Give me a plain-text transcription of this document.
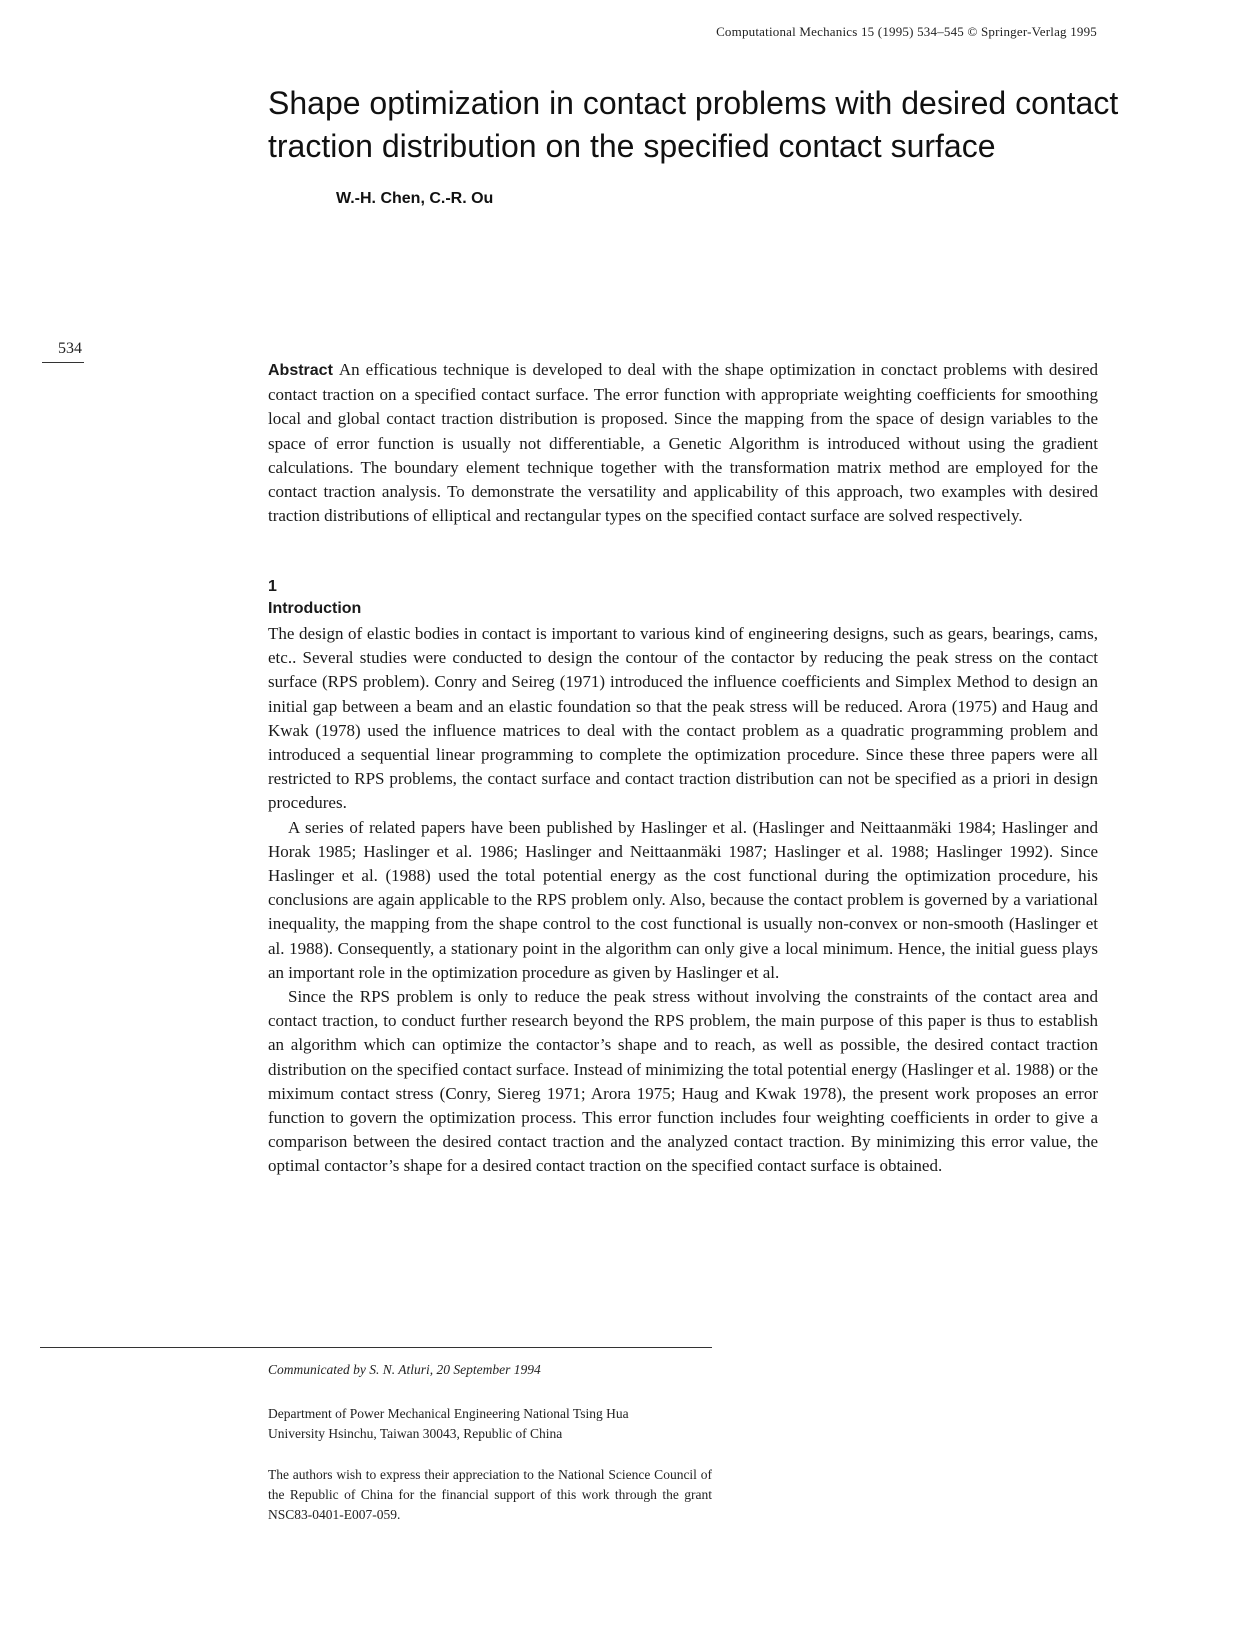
Computational Mechanics 15 (1995) 534–545 © Springer-Verlag 1995
Shape optimization in contact problems with desired contact traction distribution on the specified contact surface
W.-H. Chen, C.-R. Ou
534
Abstract An efficatious technique is developed to deal with the shape optimization in conctact problems with desired contact traction on a specified contact surface. The error function with appropriate weighting coefficients for smoothing local and global contact traction distribution is proposed. Since the mapping from the space of design variables to the space of error function is usually not differentiable, a Genetic Algorithm is introduced without using the gradient calculations. The boundary element technique together with the transformation matrix method are employed for the contact traction analysis. To demonstrate the versatility and applicability of this approach, two examples with desired traction distributions of elliptical and rectangular types on the specified contact surface are solved respectively.
1
Introduction

The design of elastic bodies in contact is important to various kind of engineering designs, such as gears, bearings, cams, etc.. Several studies were conducted to design the contour of the contactor by reducing the peak stress on the contact surface (RPS problem). Conry and Seireg (1971) introduced the influence coefficients and Simplex Method to design an initial gap between a beam and an elastic foundation so that the peak stress will be reduced. Arora (1975) and Haug and Kwak (1978) used the influence matrices to deal with the contact problem as a quadratic programming problem and introduced a sequential linear programming to complete the optimization procedure. Since these three papers were all restricted to RPS problems, the contact surface and contact traction distribution can not be specified as a priori in design procedures.

A series of related papers have been published by Haslinger et al. (Haslinger and Neittaanmäki 1984; Haslinger and Horak 1985; Haslinger et al. 1986; Haslinger and Neittaanmäki 1987; Haslinger et al. 1988; Haslinger 1992). Since Haslinger et al. (1988) used the total potential energy as the cost functional during the optimization procedure, his conclusions are again applicable to the RPS problem only. Also, because the contact problem is governed by a variational inequality, the mapping from the shape control to the cost functional is usually non-convex or non-smooth (Haslinger et al. 1988). Consequently, a stationary point in the algorithm can only give a local minimum. Hence, the initial guess plays an important role in the optimization procedure as given by Haslinger et al.

Since the RPS problem is only to reduce the peak stress without involving the constraints of the contact area and contact traction, to conduct further research beyond the RPS problem, the main purpose of this paper is thus to establish an algorithm which can optimize the contactor’s shape and to reach, as well as possible, the desired contact traction distribution on the specified contact surface. Instead of minimizing the total potential energy (Haslinger et al. 1988) or the miximum contact stress (Conry, Siereg 1971; Arora 1975; Haug and Kwak 1978), the present work proposes an error function to govern the optimization process. This error function includes four weighting coefficients in order to give a comparison between the desired contact traction and the analyzed contact traction. By minimizing this error value, the optimal contactor’s shape for a desired contact traction on the specified contact surface is obtained.

Communicated by S. N. Atluri, 20 September 1994
Department of Power Mechanical Engineering National Tsing Hua
University Hsinchu, Taiwan 30043, Republic of China
The authors wish to express their appreciation to the National Science Council of the Republic of China for the financial support of this work through the grant NSC83-0401-E007-059.
